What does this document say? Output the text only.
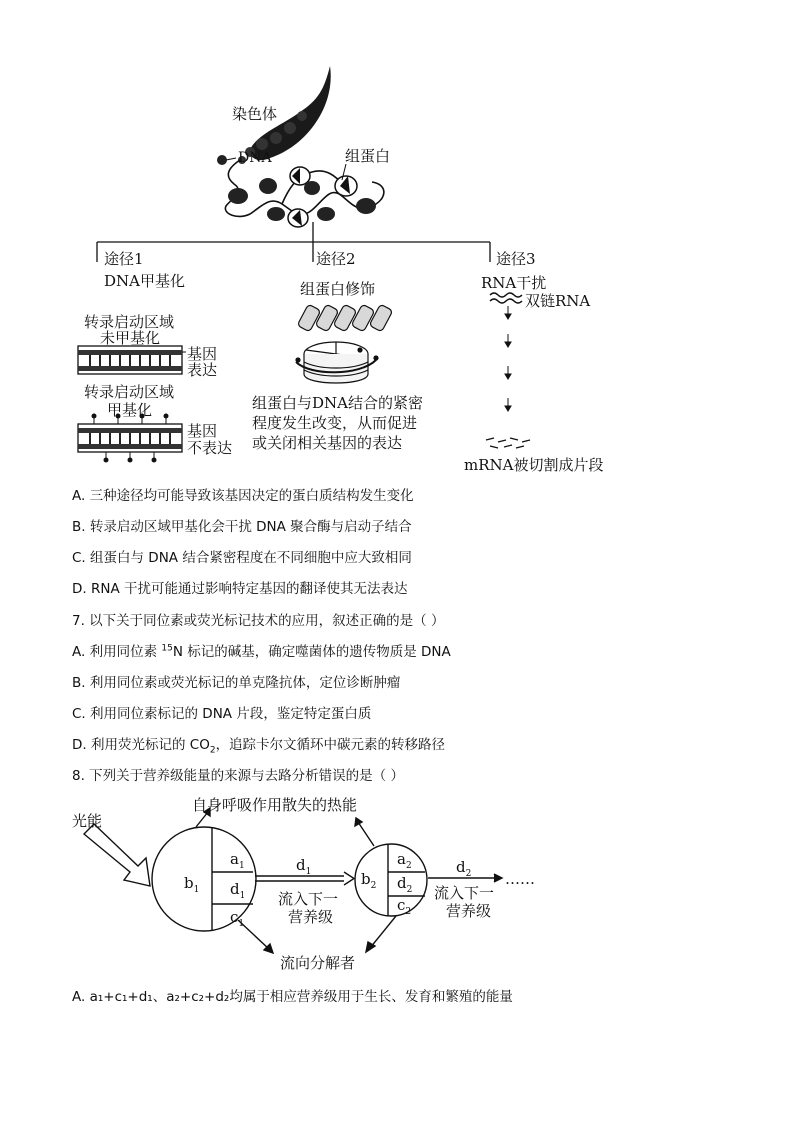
染色体
DNA	组蛋白
途径1
DNA甲基化
途径2
组蛋白修饰
途径3
RNA干扰
双链RNA
转录启动区域
未甲基化
基因
表达
转录启动区域
甲基化
基因
不表达
组蛋白与DNA结合的紧密
程度发生改变，从而促进
或关闭相关基因的表达
mRNA被切割成片段
A. 三种途径均可能导致该基因决定的蛋白质结构发生变化
B. 转录启动区域甲基化会干扰 DNA 聚合酶与启动子结合
C. 组蛋白与 DNA 结合紧密程度在不同细胞中应大致相同
D. RNA 干扰可能通过影响特定基因的翻译使其无法表达
7. 以下关于同位素或荧光标记技术的应用，叙述正确的是（ ）
A. 利用同位素 $^{15}$N 标记的碱基，确定噬菌体的遗传物质是 DNA
B. 利用同位素或荧光标记的单克隆抗体，定位诊断肿瘤
C. 利用同位素标记的 DNA 片段，鉴定特定蛋白质
D. 利用荧光标记的 $CO_2$，追踪卡尔文循环中碳元素的转移路径
8. 下列关于营养级能量的来源与去路分析错误的是（ ）
光能
自身呼吸作用散失的热能
$b_1$
$a_1$
$d_1$
$c_1$
$d_1$
流入下一
营养级
$b_2$
$a_2$
$d_2$
$c_2$
$d_2$
流入下一
营养级
……
流向分解者
A. a₁+c₁+d₁、a₂+c₂+d₂均属于相应营养级用于生长、发育和繁殖的能量
